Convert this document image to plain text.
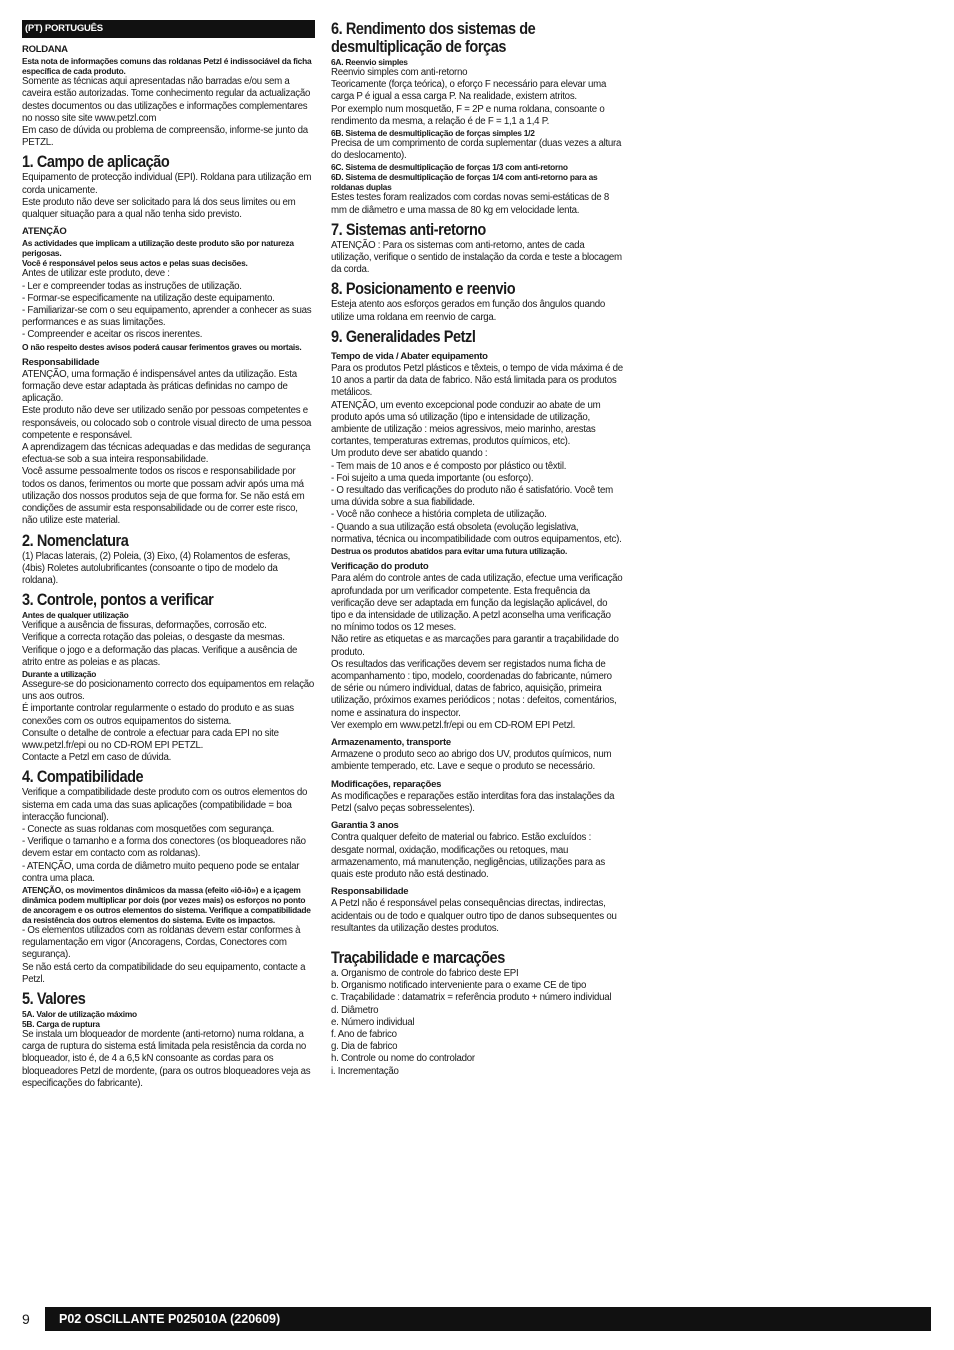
(PT) PORTUGUÊS
ROLDANA
Esta nota de informações comuns das roldanas Petzl é indissociável da ficha específica de cada produto.
Somente as técnicas aqui apresentadas não barradas e/ou sem a caveira estão autorizadas. Tome conhecimento regular da actualização destes documentos ou das utilizações e informações complementares no nosso site site www.petzl.com
Em caso de dúvida ou problema de compreensão, informe-se junto da PETZL.
1. Campo de aplicação
Equipamento de protecção individual (EPI). Roldana para utilização em corda unicamente.
Este produto não deve ser solicitado para lá dos seus limites ou em qualquer situação para a qual não tenha sido previsto.
ATENÇÃO
As actividades que implicam a utilização deste produto são por natureza perigosas.
Você é responsável pelos seus actos e pelas suas decisões.
Antes de utilizar este produto, deve :
- Ler e compreender todas as instruções de utilização.
- Formar-se especificamente na utilização deste equipamento.
- Familiarizar-se com o seu equipamento, aprender a conhecer as suas performances e as suas limitações.
- Compreender e aceitar os riscos inerentes.
O não respeito destes avisos poderá causar ferimentos graves ou mortais.
Responsabilidade
ATENÇÃO, uma formação é indispensável antes da utilização. Esta formação deve estar adaptada às práticas definidas no campo de aplicação.
Este produto não deve ser utilizado senão por pessoas competentes e responsáveis, ou colocado sob o controle visual directo de uma pessoa competente e responsável.
A aprendizagem das técnicas adequadas e das medidas de segurança efectua-se sob a sua inteira responsabilidade.
Você assume pessoalmente todos os riscos e responsabilidade por todos os danos, ferimentos ou morte que possam advir após uma má utilização dos nossos produtos seja de que forma for. Se não está em condições de assumir esta responsabilidade ou de correr este risco, não utilize este material.
2. Nomenclatura
(1) Placas laterais, (2) Poleia, (3) Eixo, (4) Rolamentos de esferas, (4bis) Roletes autolubrificantes (consoante o tipo de modelo da roldana).
3. Controle, pontos a verificar
Antes de qualquer utilização
Verifique a ausência de fissuras, deformações, corrosão etc.
Verifique a correcta rotação das poleias, o desgaste da mesmas.
Verifique o jogo e a deformação das placas. Verifique a ausência de atrito entre as poleias e as placas.
Durante a utilização
Assegure-se do posicionamento correcto dos equipamentos em relação uns aos outros.
É importante controlar regularmente o estado do produto e as suas conexões com os outros equipamentos do sistema.
Consulte o detalhe de controle a efectuar para cada EPI no site www.petzl.fr/epi ou no CD-ROM EPI PETZL.
Contacte a Petzl em caso de dúvida.
4. Compatibilidade
Verifique a compatibilidade deste produto com os outros elementos do sistema em cada uma das suas aplicações (compatibilidade = boa interacção funcional).
- Conecte as suas roldanas com mosquetões com segurança.
- Verifique o tamanho e a forma dos conectores (os bloqueadores não devem estar em contacto com as roldanas).
- ATENÇÃO, uma corda de diâmetro muito pequeno pode se entalar contra uma placa.
ATENÇÃO, os movimentos dinâmicos da massa (efeito «iô-iô») e a içagem dinâmica podem multiplicar por dois (por vezes mais) os esforços no ponto de ancoragem e os outros elementos do sistema. Verifique a compatibilidade da resistência dos outros elementos do sistema. Evite os impactos.
- Os elementos utilizados com as roldanas devem estar conformes à regulamentação em vigor (Ancoragens, Cordas, Conectores com segurança).
Se não está certo da compatibilidade do seu equipamento, contacte a Petzl.
5. Valores
5A. Valor de utilização máximo
5B. Carga de ruptura
Se instala um bloqueador de mordente (anti-retorno) numa roldana, a carga de ruptura do sistema está limitada pela resistência da corda no bloqueador, isto é, de 4 a 6,5 kN consoante as cordas para os bloqueadores Petzl de mordente, (para os outros bloqueadores veja as especificações do fabricante).
6. Rendimento dos sistemas de desmultiplicação de forças
6A. Reenvio simples
Reenvio simples com anti-retorno
Teoricamente (força teórica), o eforço F necessário para elevar uma carga P é igual a essa carga P. Na realidade, existem atritos.
Por exemplo num mosquetão, F = 2P e numa roldana, consoante o rendimento da mesma, a relação é de F = 1,1 a 1,4 P.
6B. Sistema de desmultiplicação de forças simples 1/2
Precisa de um comprimento de corda suplementar (duas vezes a altura do deslocamento).
6C. Sistema de desmultiplicação de forças 1/3 com anti-retorno
6D. Sistema de desmultiplicação de forças 1/4 com anti-retorno para as roldanas duplas
Estes testes foram realizados com cordas novas semi-estáticas de 8 mm de diâmetro e uma massa de 80 kg em velocidade lenta.
7. Sistemas anti-retorno
ATENÇÃO : Para os sistemas com anti-retorno, antes de cada utilização, verifique o sentido de instalação da corda e teste a blocagem da corda.
8. Posicionamento e reenvio
Esteja atento aos esforços gerados em função dos ângulos quando utilize uma roldana em reenvio de carga.
9. Generalidades Petzl
Tempo de vida / Abater equipamento
Para os produtos Petzl plásticos e têxteis, o tempo de vida máxima é de 10 anos a partir da data de fabrico. Não está limitada para os produtos metálicos.
ATENÇÃO, um evento excepcional pode conduzir ao abate de um produto após uma só utilização (tipo e intensidade de utilização, ambiente de utilização : meios agressivos, meio marinho, arestas cortantes, temperaturas extremas, produtos químicos, etc).
Um produto deve ser abatido quando :
- Tem mais de 10 anos e é composto por plástico ou têxtil.
- Foi sujeito a uma queda importante (ou esforço).
- O resultado das verificações do produto não é satisfatório. Você tem uma dúvida sobre a sua fiabilidade.
- Você não conhece a história completa de utilização.
- Quando a sua utilização está obsoleta (evolução legislativa, normativa, técnica ou incompatibilidade com outros equipamentos, etc).
Destrua os produtos abatidos para evitar uma futura utilização.
Verificação do produto
Para além do controle antes de cada utilização, efectue uma verificação aprofundada por um verificador competente. Esta frequência da verificação deve ser adaptada em função da legislação aplicável, do tipo e da intensidade de utilização. A petzl aconselha uma verificação no mínimo todos os 12 meses.
Não retire as etiquetas e as marcações para garantir a traçabilidade do produto.
Os resultados das verificações devem ser registados numa ficha de acompanhamento : tipo, modelo, coordenadas do fabricante, número de série ou número individual, datas de fabrico, aquisição, primeira utilização, próximos exames periódicos ; notas : defeitos, comentários, nome e assinatura do inspector.
Ver exemplo em www.petzl.fr/epi ou em CD-ROM EPI Petzl.
Armazenamento, transporte
Armazene o produto seco ao abrigo dos UV, produtos químicos, num ambiente temperado, etc. Lave e seque o produto se necessário.
Modificações, reparações
As modificações e reparações estão interditas fora das instalações da Petzl (salvo peças sobresselentes).
Garantia 3 anos
Contra qualquer defeito de material ou fabrico. Estão excluídos : desgate normal, oxidação, modificações ou retoques, mau armazenamento, má manutenção, negligências, utilizações para as quais este produto não está destinado.
Responsabilidade
A Petzl não é responsável pelas consequências directas, indirectas, acidentais ou de todo e qualquer outro tipo de danos subsequentes ou resultantes da utilização destes produtos.
Traçabilidade e marcações
a. Organismo de controle do fabrico deste EPI
b. Organismo notificado interveniente para o exame CE de tipo
c. Traçabilidade : datamatrix = referência produto + número individual
d. Diâmetro
e. Número individual
f. Ano de fabrico
g. Dia de fabrico
h. Controle ou nome do controlador
i. Incrementação
9	P02 OSCILLANTE P025010A (220609)
